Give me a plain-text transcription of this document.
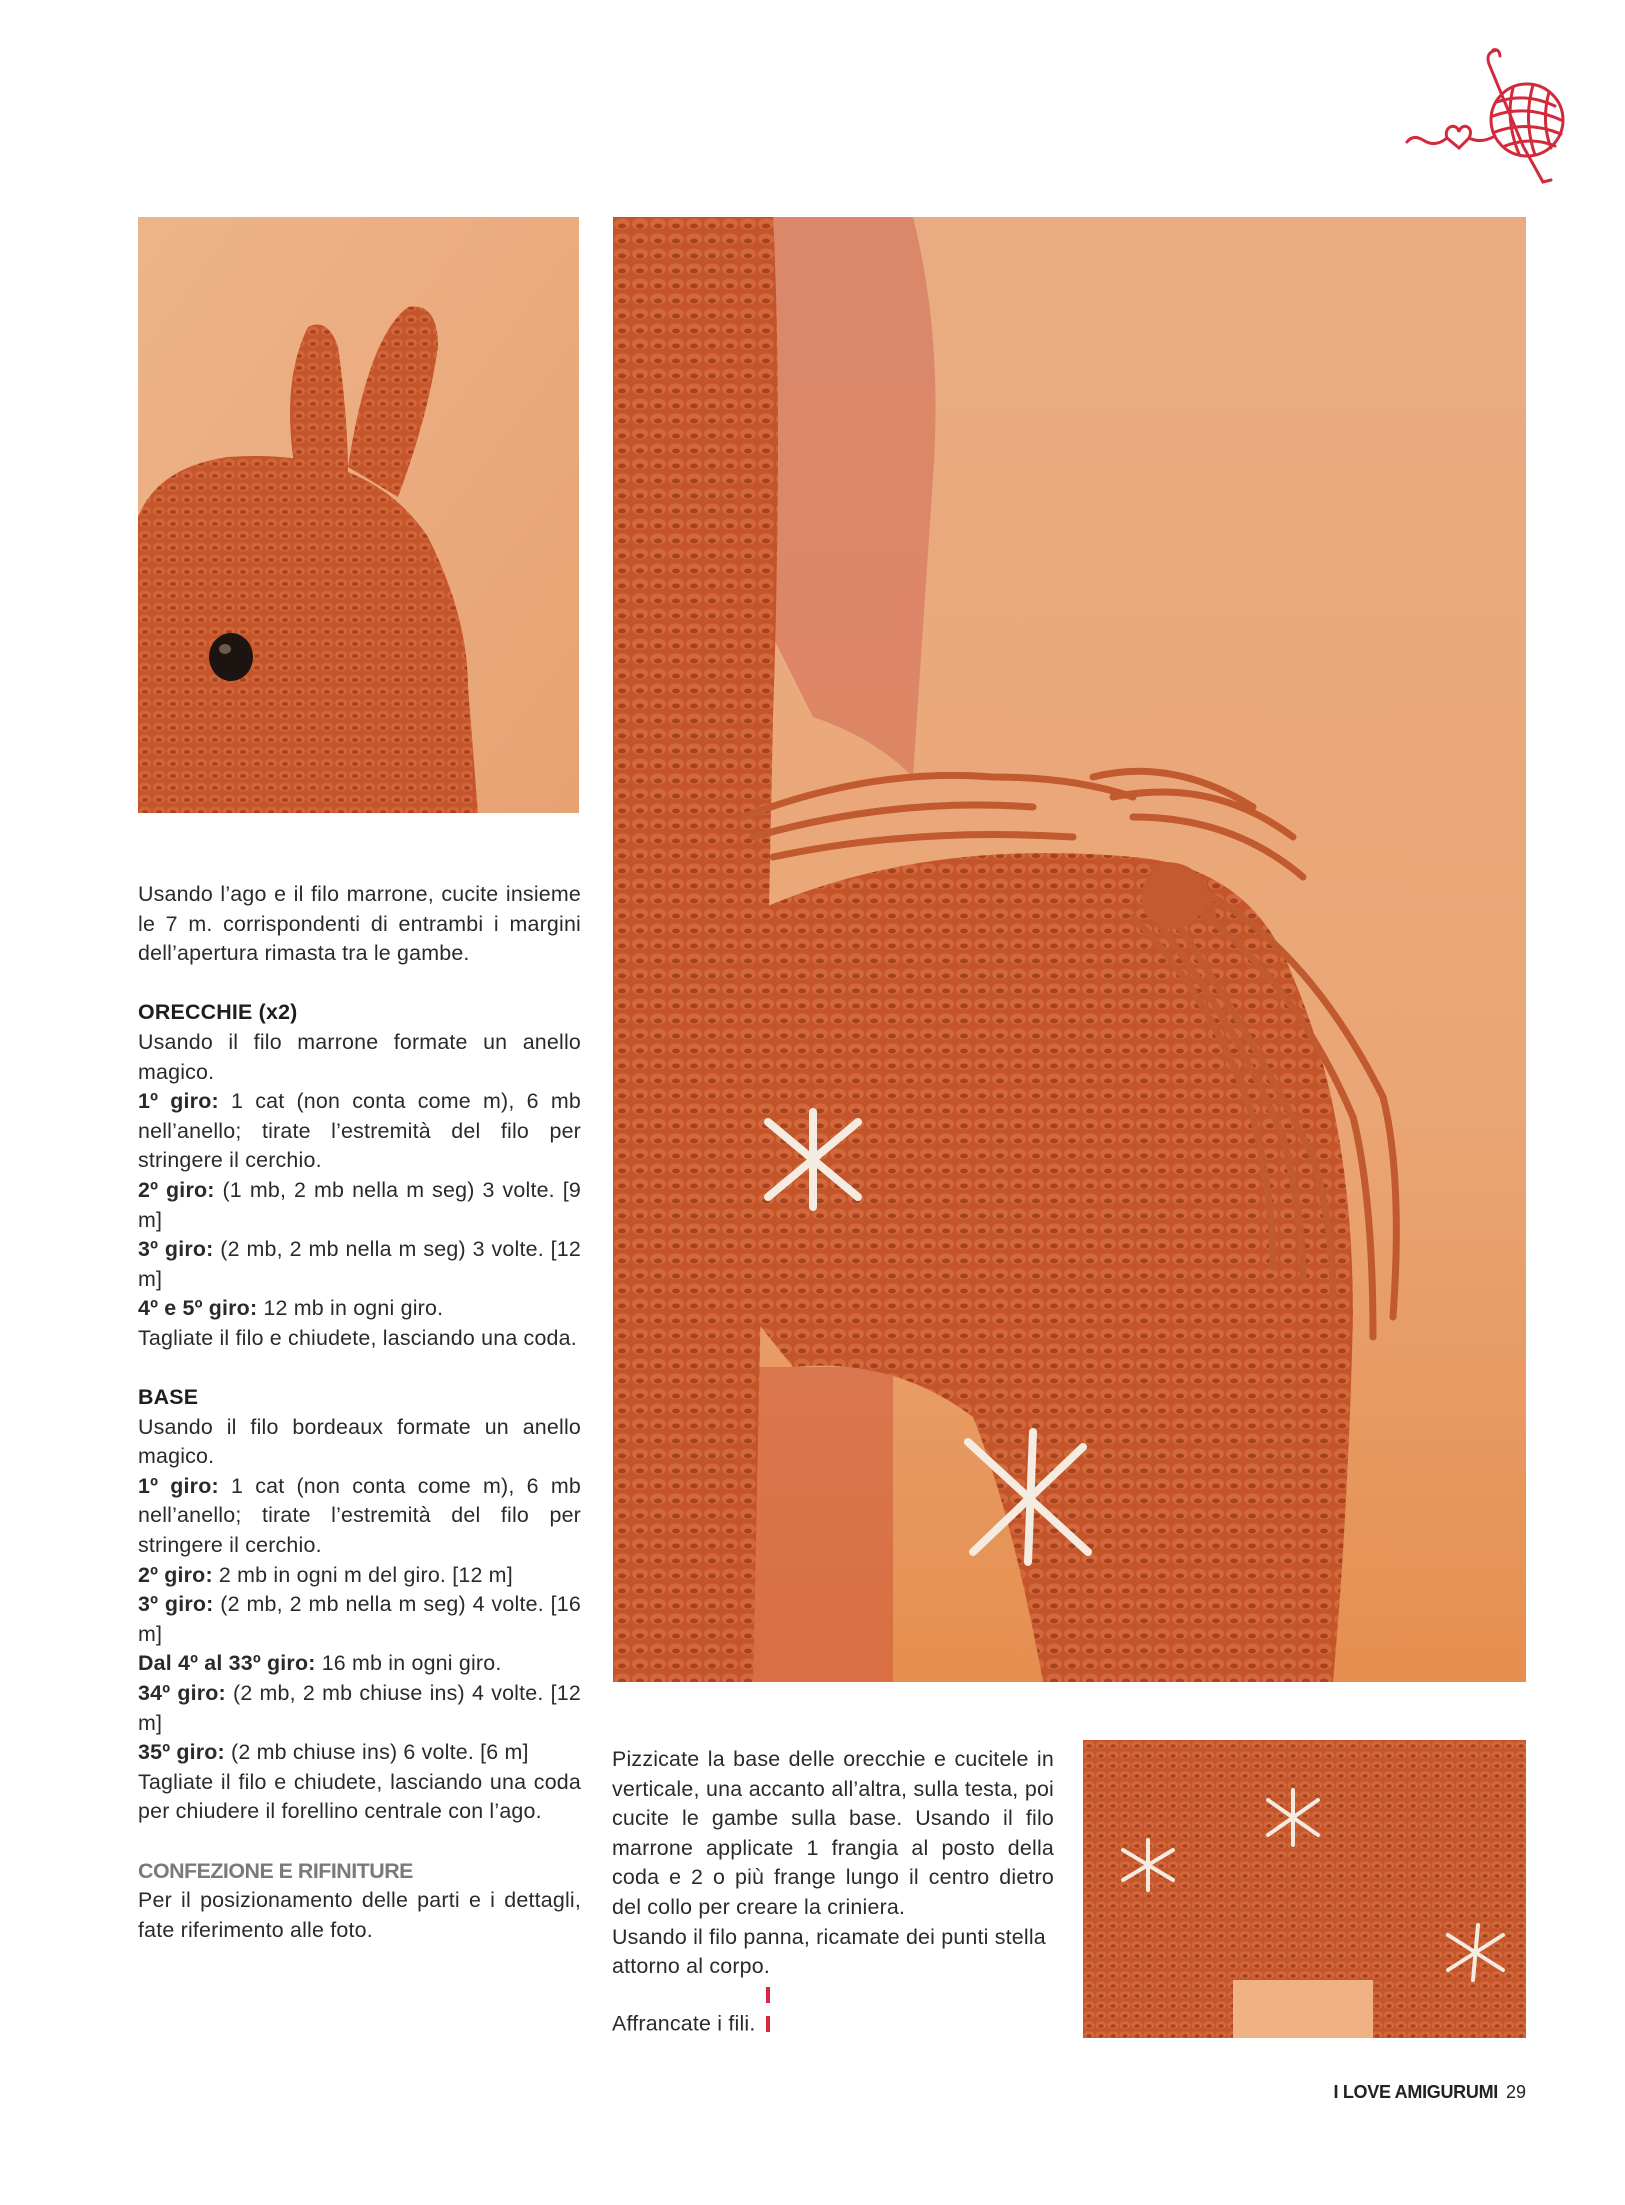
Usando l’ago e il filo marrone, cucite insieme le 7 m. corrispondenti di entrambi i margini dell’apertura rimasta tra le gambe.

ORECCHIE (x2)

Usando il filo marrone formate un anello magico.

1º giro: 1 cat (non conta come m), 6 mb nell’anello; tirate l’estremità del filo per stringere il cerchio.

2º giro: (1 mb, 2 mb nella m seg) 3 volte. [9 m]

3º giro: (2 mb, 2 mb nella m seg) 3 volte. [12 m]

4º e 5º giro: 12 mb in ogni giro.

Tagliate il filo e chiudete, lasciando una coda.

BASE

Usando il filo bordeaux formate un anello magico.

1º giro: 1 cat (non conta come m), 6 mb nell’anello; tirate l’estremità del filo per stringere il cerchio.

2º giro: 2 mb in ogni m del giro. [12 m]

3º giro: (2 mb, 2 mb nella m seg) 4 volte. [16 m]

Dal 4º al 33º giro: 16 mb in ogni giro.

34º giro: (2 mb, 2 mb chiuse ins) 4 volte. [12 m]

35º giro: (2 mb chiuse ins) 6 volte. [6 m]

Tagliate il filo e chiudete, lasciando una coda per chiudere il forellino centrale con l’ago.

CONFEZIONE E RIFINITURE

Per il posizionamento delle parti e i dettagli, fate riferimento alle foto.

Pizzicate la base delle orecchie e cucitele in verticale, una accanto all’altra, sulla testa, poi cucite le gambe sulla base. Usando il filo marrone applicate 1 frangia al posto della coda e 2 o più frange lungo il centro dietro del collo per creare la criniera.

Usando il filo panna, ricamate dei punti stella attorno al corpo.

Affrancate i fili.

I LOVE AMIGURUMI 29
